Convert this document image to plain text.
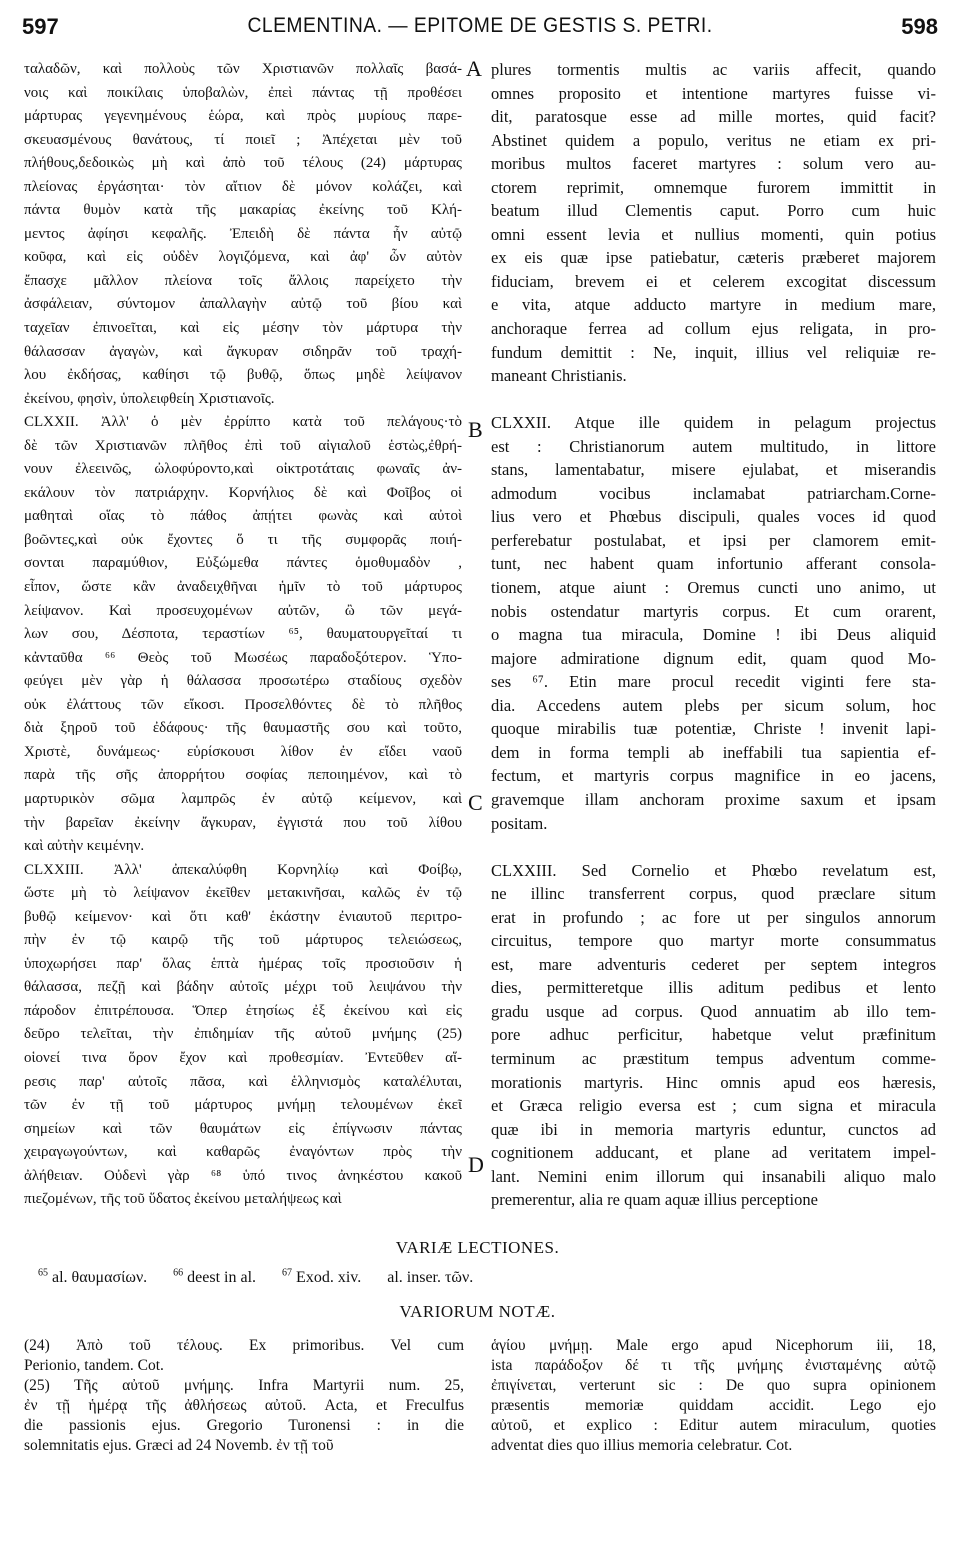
597	CLEMENTINA. — EPITOME DE GESTIS S. PETRI.	598
A
B
C
D
ταλαδῶν, καὶ πολλοὺς τῶν Χριστιανῶν πολλαῖς βασά-
νοις καὶ ποικίλαις ὑποβαλὼν, ἐπεὶ πάντας τῇ προθέσει
μάρτυρας γεγενημένους ἑώρα, καὶ πρὸς μυρίους παρε-
σκευασμένους θανάτους, τί ποιεῖ ; Ἀπέχεται μὲν τοῦ
πλήθους,δεδοικὼς μὴ καὶ ἀπὸ τοῦ τέλους (24) μάρτυρας
πλείονας ἐργάσηται· τὸν αἴτιον δὲ μόνον κολάζει, καὶ
πάντα θυμὸν κατὰ τῆς μακαρίας ἐκείνης τοῦ Κλή-
μεντος ἀφίησι κεφαλῆς. Ἐπειδὴ δὲ πάντα ἦν αὐτῷ
κοῦφα, καὶ εἰς οὐδὲν λογιζόμενα, καὶ ἀφ' ὧν αὐτὸν
ἔπασχε μᾶλλον πλείονα τοῖς ἄλλοις παρείχετο τὴν
ἀσφάλειαν, σύντομον ἀπαλλαγὴν αὐτῷ τοῦ βίου καὶ
ταχεῖαν ἐπινοεῖται, καὶ εἰς μέσην τὸν μάρτυρα τὴν
θάλασσαν ἀγαγὼν, καὶ ἄγκυραν σιδηρᾶν τοῦ τραχή-
λου ἐκδήσας, καθίησι τῷ βυθῷ, ὅπως μηδὲ λείψανον
ἐκείνου, φησὶν, ὑπολειφθείη Χριστιανοῖς.
CLXXII. Ἀλλ' ὁ μὲν ἐρρίπτο κατὰ τοῦ πελάγους·τὸ
δὲ τῶν Χριστιανῶν πλῆθος ἐπὶ τοῦ αἰγιαλοῦ ἑστὼς,ἐθρή-
νουν ἐλεεινῶς, ὠλοφύροντο,καὶ οἰκτροτάταις φωναῖς ἀν-
εκάλουν τὸν πατριάρχην. Κορνήλιος δὲ καὶ Φοῖβος οἱ
μαθηταὶ οἵας τὸ πάθος ἀπῄτει φωνὰς καὶ αὐτοὶ
βοῶντες,καὶ οὐκ ἔχοντες ὅ τι τῆς συμφορᾶς ποιή-
σονται παραμύθιον, Εὐξώμεθα πάντες ὁμοθυμαδὸν ,
εἶπον, ὥστε κἂν ἀναδειχθῆναι ἡμῖν τὸ τοῦ μάρτυρος
λείψανον. Καὶ προσευχομένων αὐτῶν, ὢ τῶν μεγά-
λων σου, Δέσποτα, τεραστίων ⁶⁵, θαυματουργεῖταί τι
κἀνταῦθα ⁶⁶ Θεὸς τοῦ Μωσέως παραδοξότερον. Ὑπο-
φεύγει μὲν γὰρ ἡ θάλασσα προσωτέρω σταδίους σχεδὸν
οὐκ ἐλάττους τῶν εἴκοσι. Προσελθόντες δὲ τὸ πλῆθος
διὰ ξηροῦ τοῦ ἐδάφους· τῆς θαυμαστῆς σου καὶ τοῦτο,
Χριστὲ, δυνάμεως· εὑρίσκουσι λίθον ἐν εἴδει ναοῦ
παρὰ τῆς σῆς ἀπορρήτου σοφίας πεποιημένον, καὶ τὸ
μαρτυρικὸν σῶμα λαμπρῶς ἐν αὐτῷ κείμενον, καὶ
τὴν βαρεῖαν ἐκείνην ἄγκυραν, ἐγγιστά που τοῦ λίθου
καὶ αὐτὴν κειμένην.
CLXXIII. Ἀλλ' ἀπεκαλύφθη Κορνηλίῳ καὶ Φοίβῳ,
ὥστε μὴ τὸ λείψανον ἐκεῖθεν μετακινῆσαι, καλῶς ἐν τῷ
βυθῷ κείμενον· καὶ ὅτι καθ' ἑκάστην ἐνιαυτοῦ περιτρο-
πὴν ἐν τῷ καιρῷ τῆς τοῦ μάρτυρος τελειώσεως,
ὑποχωρήσει παρ' ὅλας ἑπτὰ ἡμέρας τοῖς προσιοῦσιν ἡ
θάλασσα, πεζῇ καὶ βάδην αὐτοῖς μέχρι τοῦ λειψάνου τὴν
πάροδον ἐπιτρέπουσα. Ὅπερ ἐτησίως ἐξ ἐκείνου καὶ εἰς
δεῦρο τελεῖται, τὴν ἐπιδημίαν τῆς αὐτοῦ μνήμης (25)
οἱονεί τινα ὅρον ἔχον καὶ προθεσμίαν. Ἐντεῦθεν αἵ-
ρεσις παρ' αὐτοῖς πᾶσα, καὶ ἑλληνισμὸς καταλέλυται,
τῶν ἐν τῇ τοῦ μάρτυρος μνήμῃ τελουμένων ἐκεῖ
σημείων καὶ τῶν θαυμάτων εἰς ἐπίγνωσιν πάντας
χειραγωγούντων, καὶ καθαρῶς ἐναγόντων πρὸς τὴν
ἀλήθειαν. Οὐδενὶ γὰρ ⁶⁸ ὑπό τινος ἀνηκέστου κακοῦ
πιεζομένων, τῆς τοῦ ὕδατος ἐκείνου μεταλήψεως καὶ
plures tormentis multis ac variis affecit, quando
omnes proposito et intentione martyres fuisse vi-
dit, paratosque esse ad mille mortes, quid facit?
Abstinet quidem a populo, veritus ne etiam ex pri-
moribus multos faceret martyres : solum vero au-
ctorem reprimit, omnemque furorem immittit in
beatum illud Clementis caput. Porro cum huic
omni essent levia et nullius momenti, quin potius
ex eis quæ ipse patiebatur, cæteris præberet majorem
fiduciam, brevem ei et celerem excogitat discessum
e vita, atque adducto martyre in medium mare,
anchoraque ferrea ad collum ejus religata, in pro-
fundum demittit : Ne, inquit, illius vel reliquiæ re-
maneant Christianis.
CLXXII. Atque ille quidem in pelagum projectus
est : Christianorum autem multitudo, in littore
stans, lamentabatur, misere ejulabat, et miserandis
admodum vocibus inclamabat patriarcham.Corne-
lius vero et Phœbus discipuli, quales voces id quod
perferebatur postulabat, et ipsi per clamorem emit-
tunt, nec habent quam infortunio afferant consola-
tionem, atque aiunt : Oremus cuncti uno animo, ut
nobis ostendatur martyris corpus. Et cum orarent,
o magna tua miracula, Domine ! ibi Deus aliquid
majore admiratione dignum edit, quam quod Mo-
ses ⁶⁷. Etin mare procul recedit viginti fere sta-
dia. Accedens autem plebs per sicum solum, hoc
quoque mirabilis tuæ potentiæ, Christe ! invenit lapi-
dem in forma templi ab ineffabili tua sapientia ef-
fectum, et martyris corpus magnifice in eo jacens,
gravemque illam anchoram proxime saxum et ipsam
positam.
CLXXIII. Sed Cornelio et Phœbo revelatum est,
ne illinc transferrent corpus, quod præclare situm
erat in profundo ; ac fore ut per singulos annorum
circuitus, tempore quo martyr morte consummatus
est, mare adventuris cederet per septem integros
dies, permitteretque illis aditum pedibus et lento
gradu usque ad corpus. Quod annuatim ab illo tem-
pore adhuc perficitur, habetque velut præfinitum
terminum ac præstitum tempus adventum comme-
morationis martyris. Hinc omnis apud eos hæresis,
et Græca religio eversa est ; cum signa et miracula
quæ ibi in memoria martyris eduntur, cunctos ad
cognitionem adducant, et plane ad veritatem impel-
lant. Nemini enim illorum qui insanabili aliquo malo
premerentur, alia re quam aquæ illius perceptione
VARIÆ LECTIONES.
$^{65}$ al. θαυμασίων.	$^{66}$ deest in al.	$^{67}$ Exod. xiv. al. inser. τῶν.
VARIORUM NOTÆ.
(24) Ἀπὸ τοῦ τέλους. Ex primoribus. Vel cum
Perionio, tandem. Cot.
(25) Τῆς αὐτοῦ μνήμης. Infra Martyrii num. 25,
ἐν τῇ ἡμέρᾳ τῆς ἀθλήσεως αὐτοῦ. Acta, et Freculfus
die passionis ejus. Gregorio Turonensi : in die
solemnitatis ejus. Græci ad 24 Novemb. ἐν τῇ τοῦ
ἁγίου μνήμῃ. Male ergo apud Nicephorum iii, 18,
ista παράδοξον δέ τι τῆς μνήμης ἐνισταμένης αὐτῷ
ἐπιγίνεται, verterunt sic : De quo supra opinionem
præsentis memoriæ quiddam accidit. Lego ejo
αὐτοῦ, et explico : Editur autem miraculum, quoties
adventat dies quo illius memoria celebratur. Cot.
